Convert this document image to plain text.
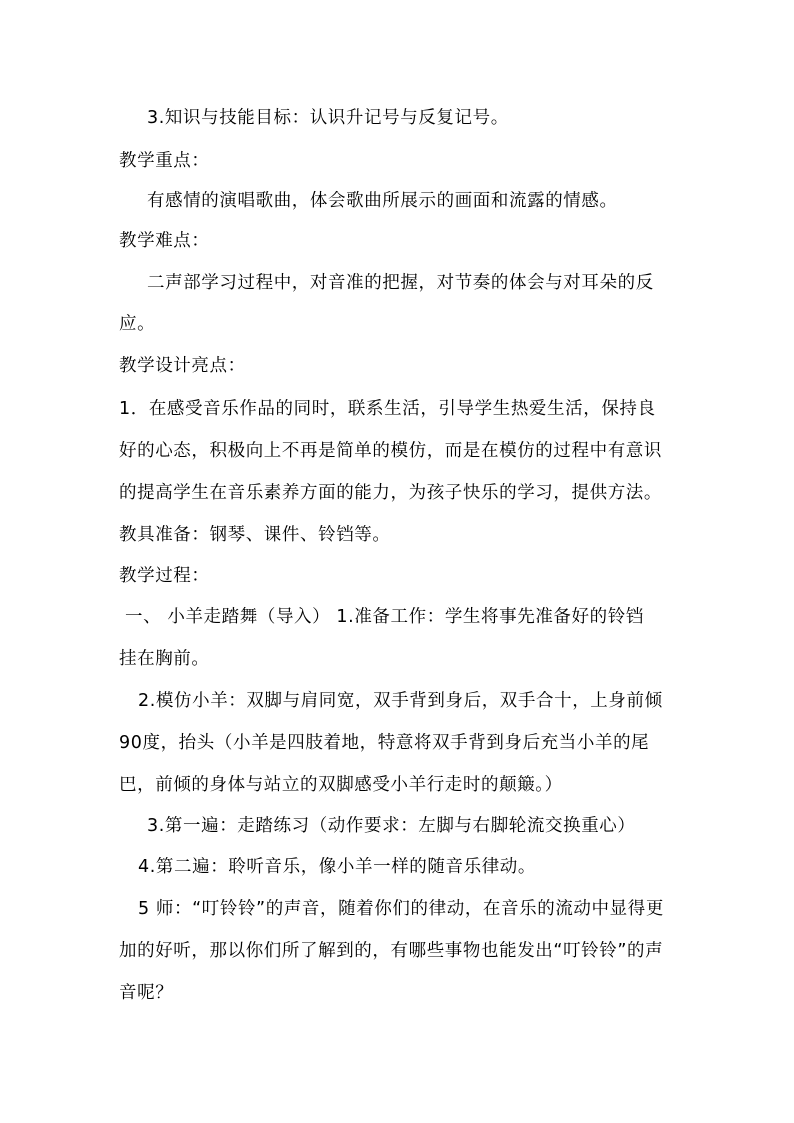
3.知识与技能目标：认识升记号与反复记号。
教学重点：
有感情的演唱歌曲，体会歌曲所展示的画面和流露的情感。
教学难点：
二声部学习过程中，对音准的把握，对节奏的体会与对耳朵的反
应。
教学设计亮点：
1．在感受音乐作品的同时，联系生活，引导学生热爱生活，保持良
好的心态，积极向上不再是简单的模仿，而是在模仿的过程中有意识
的提高学生在音乐素养方面的能力，为孩子快乐的学习，提供方法。
教具准备：钢琴、课件、铃铛等。
教学过程：
一、 小羊走踏舞（导入） 1.准备工作：学生将事先准备好的铃铛
挂在胸前。
2.模仿小羊：双脚与肩同宽，双手背到身后，双手合十，上身前倾
90度，抬头（小羊是四肢着地，特意将双手背到身后充当小羊的尾
巴，前倾的身体与站立的双脚感受小羊行走时的颠簸。）
3.第一遍：走踏练习（动作要求：左脚与右脚轮流交换重心）
4.第二遍：聆听音乐，像小羊一样的随音乐律动。
5 师：“叮铃铃”的声音，随着你们的律动，在音乐的流动中显得更
加的好听，那以你们所了解到的，有哪些事物也能发出“叮铃铃”的声
音呢？
